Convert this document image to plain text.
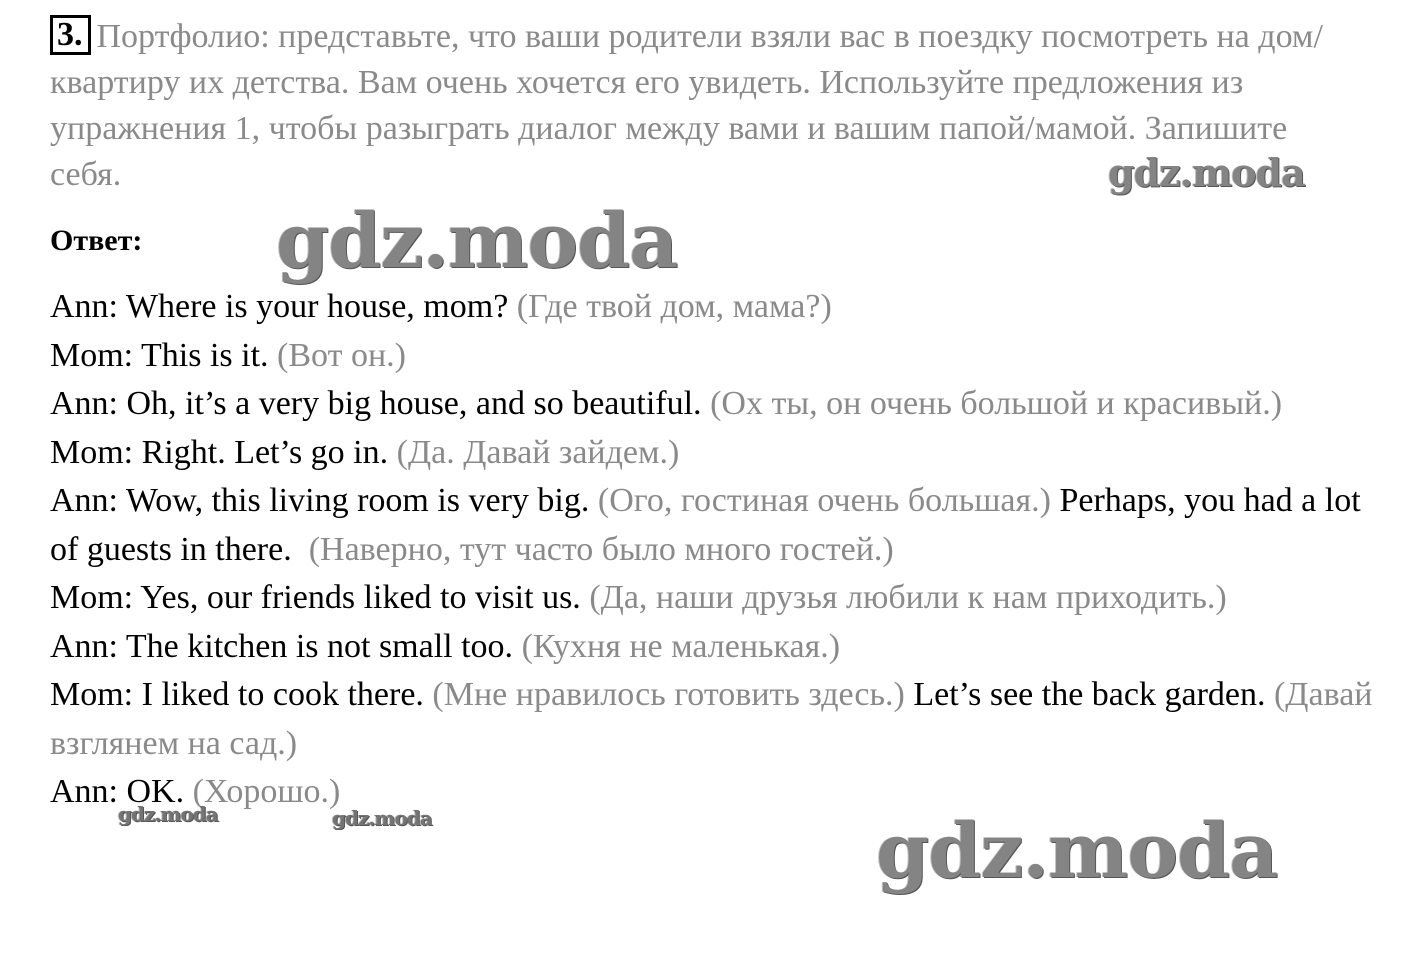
3. Портфолио: представьте, что ваши родители взяли вас в поездку посмотреть на дом/квартиру их детства. Вам очень хочется его увидеть. Используйте предложения из упражнения 1, чтобы разыграть диалог между вами и вашим папой/мамой. Запишите себя.

Ответ:

Ann: Where is your house, mom? (Где твой дом, мама?)

Mom: This is it. (Вот он.)

Ann: Oh, it’s a very big house, and so beautiful. (Ох ты, он очень большой и красивый.)

Mom: Right. Let’s go in. (Да. Давай зайдем.)

Ann: Wow, this living room is very big. (Ого, гостиная очень большая.) Perhaps, you had a lot of guests in there. (Наверно, тут часто было много гостей.)

Mom: Yes, our friends liked to visit us. (Да, наши друзья любили к нам приходить.)

Ann: The kitchen is not small too. (Кухня не маленькая.)

Mom: I liked to cook there. (Мне нравилось готовить здесь.) Let’s see the back garden. (Давай взглянем на сад.)

Ann: OK. (Хорошо.)

gdz.moda
gdz.moda
gdz.moda	gdz.moda	gdz.moda
